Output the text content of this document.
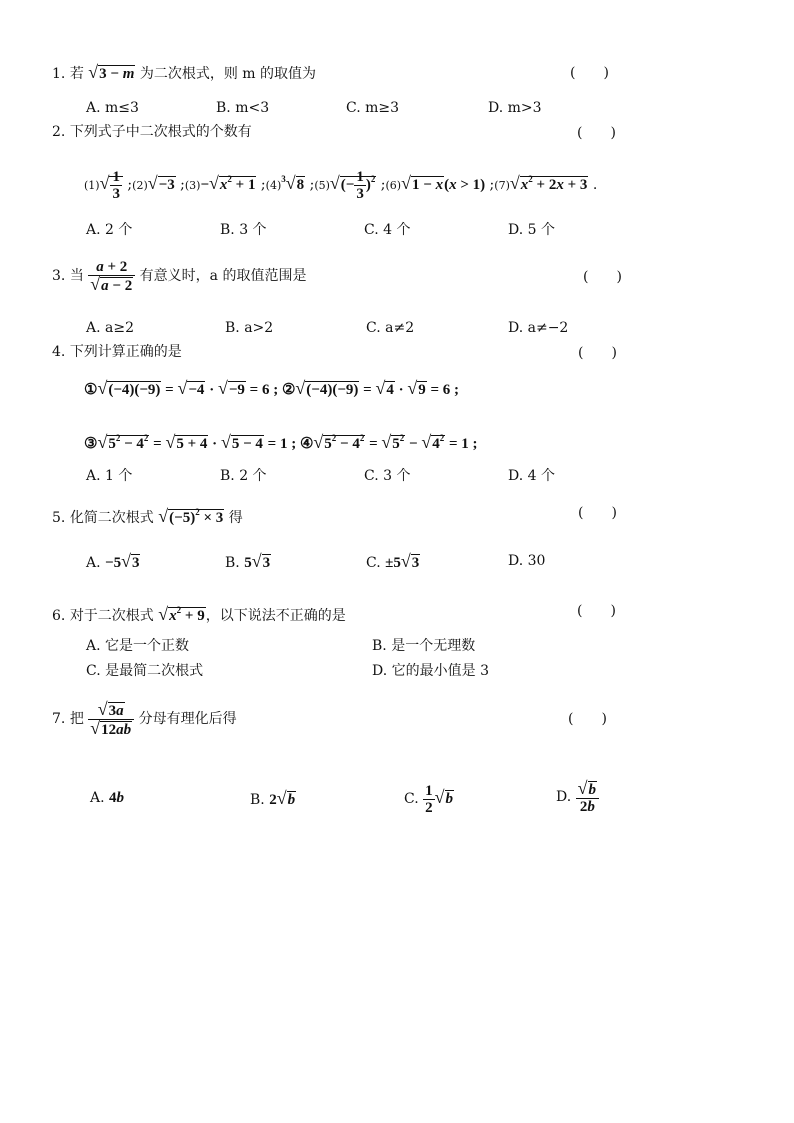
1. 若 √3 − m 为二次根式，则 m 的取值为	(　　)
A. m≤3	B. m<3	C. m≥3	D. m>3
2. 下列式子中二次根式的个数有	(　　)
$(1)√ \frac{1}{3}$ ;(2)√−3 $;(3)-√x^2 + 1$ $;(4)^3√8$ ;(5)√(− $\frac{1}{3} )^2$ ;(6)√1 − x(x > 1) $;(7)√x^2 + 2x + 3$ .
A. 2 个	B. 3 个	C. 4 个	D. 5 个
3. 当 $\frac{a + 2}{√a - 2}$ 有意义时，a 的取值范围是	(　　)
A. a≥2	B. a>2	C. a≠2	D. a≠−2
4. 下列计算正确的是	(　　)
①√(−4)(−9) = √−4 · √−9 = 6 ; ②√(−4)(−9) = √4 · √9 = 6 ;
$③√5^2 - 4^2 = √5 + 4 \cdot √5 - 4 = 1$ ; $④√5^2 - 4^2 = √5^2 - √4^2 = 1$ ;
A. 1 个	B. 2 个	C. 3 个	D. 4 个
5. 化简二次根式 $√(-5)^2 \times 3$ 得	(　　)
A. −5√3	B. 5√3	C. ±5√3	D. 30
6. 对于二次根式 $√x^2 + 9$，以下说法不正确的是	(　　)
A. 它是一个正数	B. 是一个无理数
C. 是最简二次根式	D. 它的最小值是 3
7. 把 $\frac{√3a}{√12ab}$ 分母有理化后得	(　　)
A. 4b	B. 2√b	C. $\frac{1}{2} √b$	D. $\frac{√b}{2b}$
